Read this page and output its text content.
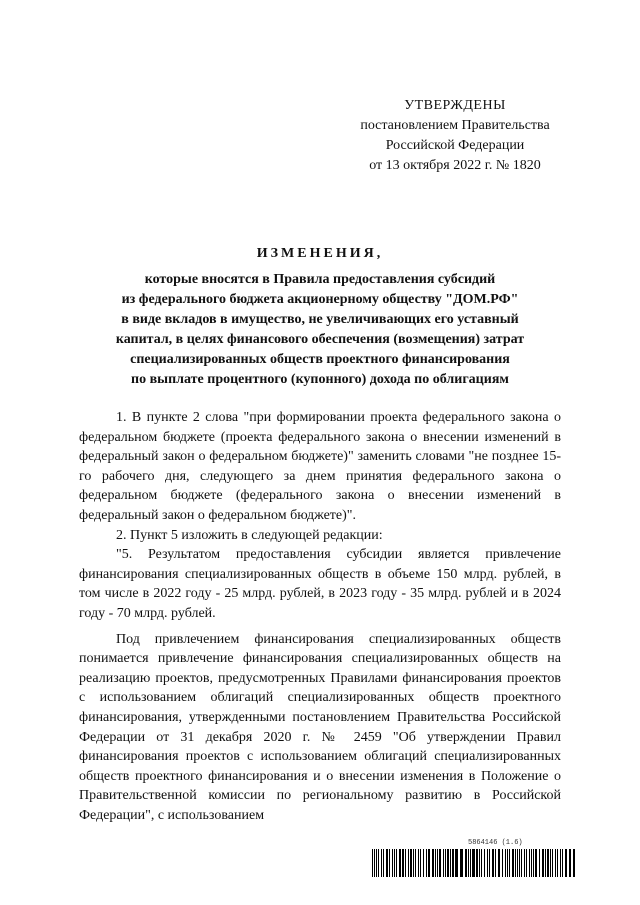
УТВЕРЖДЕНЫ
постановлением Правительства
Российской Федерации
от 13 октября 2022 г. № 1820
ИЗМЕНЕНИЯ,
которые вносятся в Правила предоставления субсидий
из федерального бюджета акционерному обществу "ДОМ.РФ"
в виде вкладов в имущество, не увеличивающих его уставный
капитал, в целях финансового обеспечения (возмещения) затрат
специализированных обществ проектного финансирования
по выплате процентного (купонного) дохода по облигациям

1. В пункте 2 слова "при формировании проекта федерального закона о федеральном бюджете (проекта федерального закона о внесении изменений в федеральный закон о федеральном бюджете)" заменить словами "не позднее 15-го рабочего дня, следующего за днем принятия федерального закона о федеральном бюджете (федерального закона о внесении изменений в федеральный закон о федеральном бюджете)".

2. Пункт 5 изложить в следующей редакции:

"5. Результатом предоставления субсидии является привлечение финансирования специализированных обществ в объеме 150 млрд. рублей, в том числе в 2022 году - 25 млрд. рублей, в 2023 году - 35 млрд. рублей и в 2024 году - 70 млрд. рублей.

Под привлечением финансирования специализированных обществ понимается привлечение финансирования специализированных обществ на реализацию проектов, предусмотренных Правилами финансирования проектов с использованием облигаций специализированных обществ проектного финансирования, утвержденными постановлением Правительства Российской Федерации от 31 декабря 2020 г. № 2459 "Об утверждении Правил финансирования проектов с использованием облигаций специализированных обществ проектного финансирования и о внесении изменения в Положение о Правительственной комиссии по региональному развитию в Российской Федерации", с использованием

5864146 (1.6)
